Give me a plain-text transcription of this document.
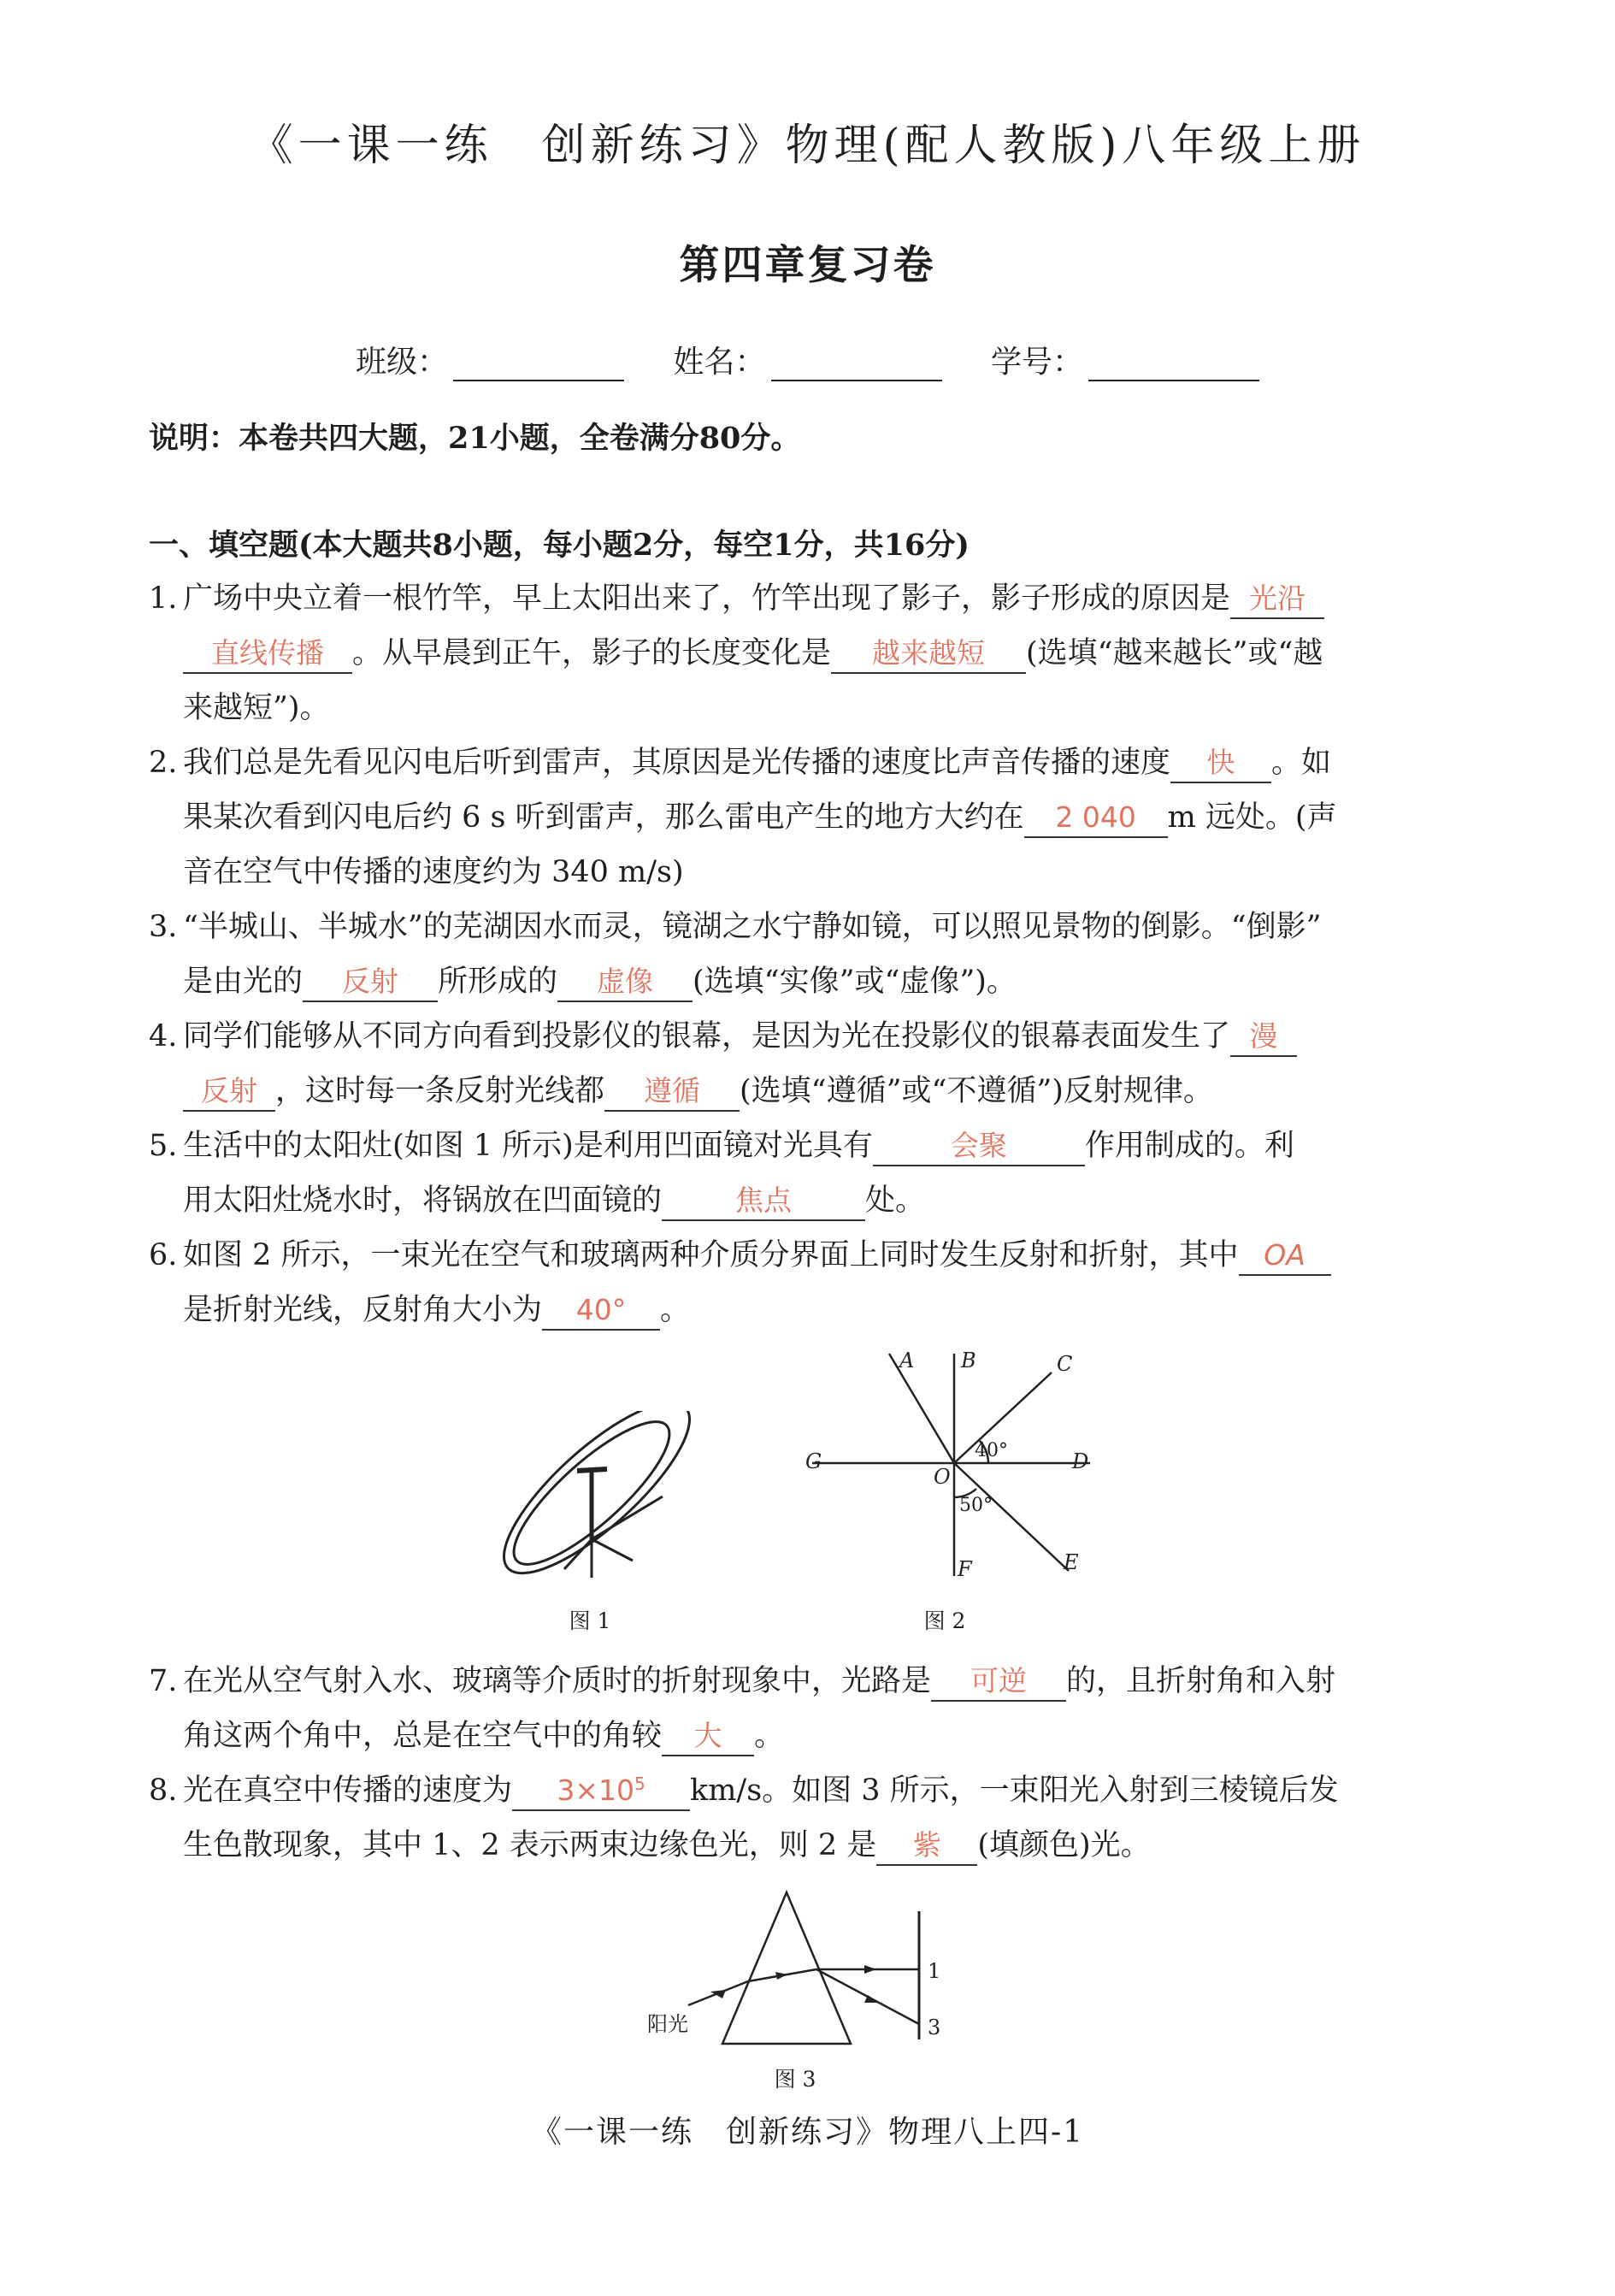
《一课一练　创新练习》物理(配人教版)八年级上册
第四章复习卷
班级：	姓名：	学号：
说明：本卷共四大题，21小题，全卷满分80分。
一、填空题(本大题共8小题，每小题2分，每空1分，共16分)
1. 广场中央立着一根竹竿，早上太阳出来了，竹竿出现了影子，影子形成的原因是 光沿
直线传播 。从早晨到正午，影子的长度变化是 越来越短 (选填“越来越长”或“越
来越短”)。
2. 我们总是先看见闪电后听到雷声，其原因是光传播的速度比声音传播的速度 快 。如
果某次看到闪电后约 6 s 听到雷声，那么雷电产生的地方大约在 2 040 m 远处。(声
音在空气中传播的速度约为 340 m/s)
3. “半城山、半城水”的芜湖因水而灵，镜湖之水宁静如镜，可以照见景物的倒影。“倒影”
是由光的 反射 所形成的 虚像 (选填“实像”或“虚像”)。
4. 同学们能够从不同方向看到投影仪的银幕，是因为光在投影仪的银幕表面发生了 漫
反射 ，这时每一条反射光线都 遵循 (选填“遵循”或“不遵循”)反射规律。
5. 生活中的太阳灶(如图 1 所示)是利用凹面镜对光具有	会聚	作用制成的。利
用太阳灶烧水时，将锅放在凹面镜的	焦点 处。
6. 如图 2 所示，一束光在空气和玻璃两种介质分界面上同时发生反射和折射，其中 OA
是折射光线，反射角大小为 40° 。
图 1
A B	C
D
E
F
G
O
40°
50°
图 2
7. 在光从空气射入水、玻璃等介质时的折射现象中，光路是 可逆 的，且折射角和入射
角这两个角中，总是在空气中的角较 大 。
8. 光在真空中传播的速度为 $3\times 10^5$ km/s。如图 3 所示，一束阳光入射到三棱镜后发
生色散现象，其中 1、2 表示两束边缘色光，则 2 是 紫 (填颜色)光。
1
3
阳光
图 3
《一课一练　创新练习》物理八上四-1
